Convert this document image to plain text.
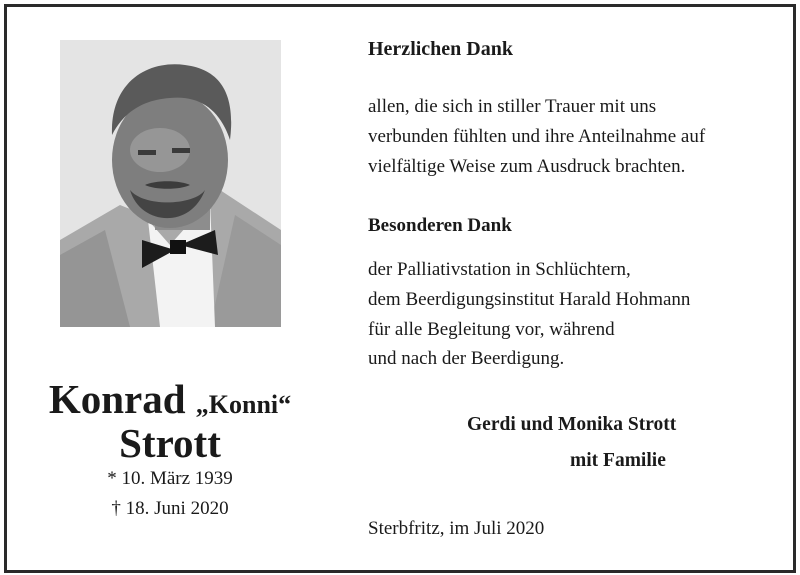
Konrad „Konni“
Strott
* 10. März 1939
† 18. Juni 2020
Herzlichen Dank
allen, die sich in stiller Trauer mit uns
verbunden fühlten und ihre Anteilnahme auf
vielfältige Weise zum Ausdruck brachten.
Besonderen Dank
der Palliativstation in Schlüchtern,
dem Beerdigungsinstitut Harald Hohmann
für alle Begleitung vor, während
und nach der Beerdigung.
Gerdi und Monika Strott
mit Familie
Sterbfritz, im Juli 2020
